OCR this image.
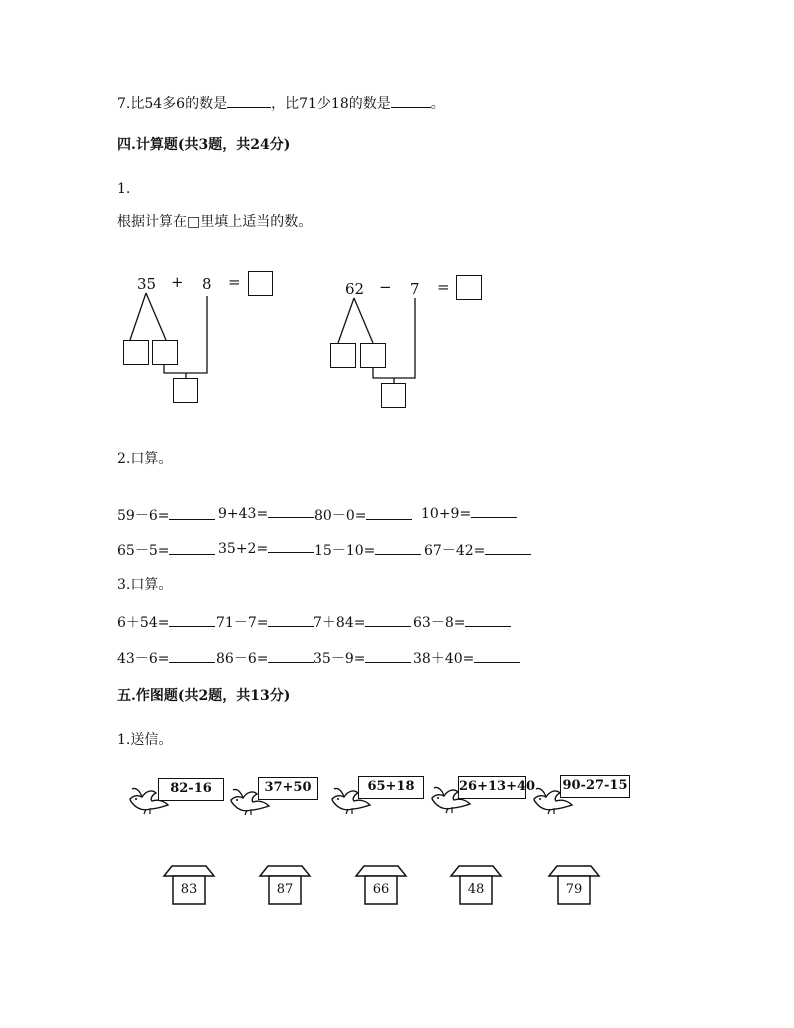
7.比54多6的数是	，比71少18的数是	。
四.计算题(共3题，共24分)
1.
根据计算在□里填上适当的数。
35 + 8 =	62 − 7 =
2.口算。
59－6=	9+43=	80－0=	10+9=
65－5=	35+2=	15－10=	67－42=
3.口算。
6＋54=	71－7=	7＋84=	63－8=
43－6=	86－6=	35－9=	38＋40=
五.作图题(共2题，共13分)
1.送信。
82-16	37+50	65+18	26+13+40 90-27-15
83	87	66	48	79
